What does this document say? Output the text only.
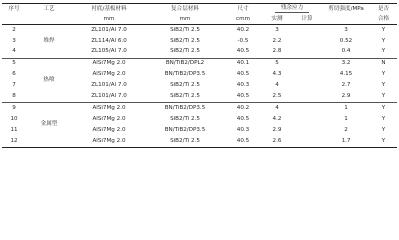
序号	工艺	衬底/基板材料	复合层材料	尺寸	残余应力		剪切强度/MPa	是否
		mm	mm	cmm	实测	计算		合格
2	堆焊	ZL101/Al 7.0	SiB2/Ti 2.5	40.2	3		3	Y
3		ZL114/Al 6.0	SiB2/Ti 2.5	-0.5	2.2		0.52	Y
4		ZL105/Al 7.0	SiB2/Ti 2.5	40.5	2.8		0.4	Y
5	热喷	AlSi7Mg 2.0	BN/TiB2/DPL2	40.1	5		3.2	N
6		AlSi7Mg 2.0	BN/TiB2/DP3.5	40.5	4.3		4.15	Y
7		ZL101/Al 7.0	SiB2/Ti 2.5	40.3	4		2.7	Y
8		ZL101/Al 7.0	SiB2/Ti 2.5	40.5	2.5		2.9	Y
9	金属型	AlSi7Mg 2.0	BN/TiB2/DP3.5	40.2	4		1	Y
10		AlSi7Mg 2.0	SiB2/Ti 2.5	40.5	4.2		1	Y
11		AlSi7Mg 2.0	BN/TiB2/DP3.5	40.3	2.9		2	Y
12		AlSi7Mg 2.0	SiB2/Ti 2.5	40.5	2.6		1.7	Y
